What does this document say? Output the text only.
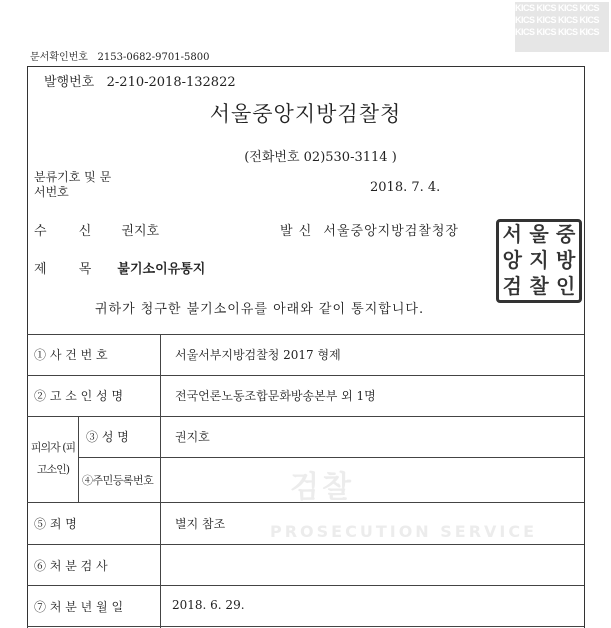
KICS KICS KICS KICS KICS KICS KICS KICS KICS KICS KICS KICS
문서확인번호 2153-0682-9701-5800
발행번호 2-210-2018-132822
서울중앙지방검찰청
(전화번호 02)530-3114 )
분류기호 및 문서번호	2018. 7. 4.
수 신 권지호	발 신 서울중앙지방검찰청장 서 울 중
앙 지 방
검 찰 인
제 목 불기소이유통지
귀하가 청구한 불기소이유를 아래와 같이 통지합니다.
검찰
PROSECUTION SERVICE
① 사 건 번 호	서울서부지방검찰청 2017 형제
② 고 소 인 성 명	전국언론노동조합문화방송본부 외 1명
피의자 (피고소인)
③ 성 명	권지호
④주민등록번호
⑤ 죄 명	별지 참조
⑥ 처 분 검 사
⑦ 처 분 년 월 일	2018. 6. 29.
